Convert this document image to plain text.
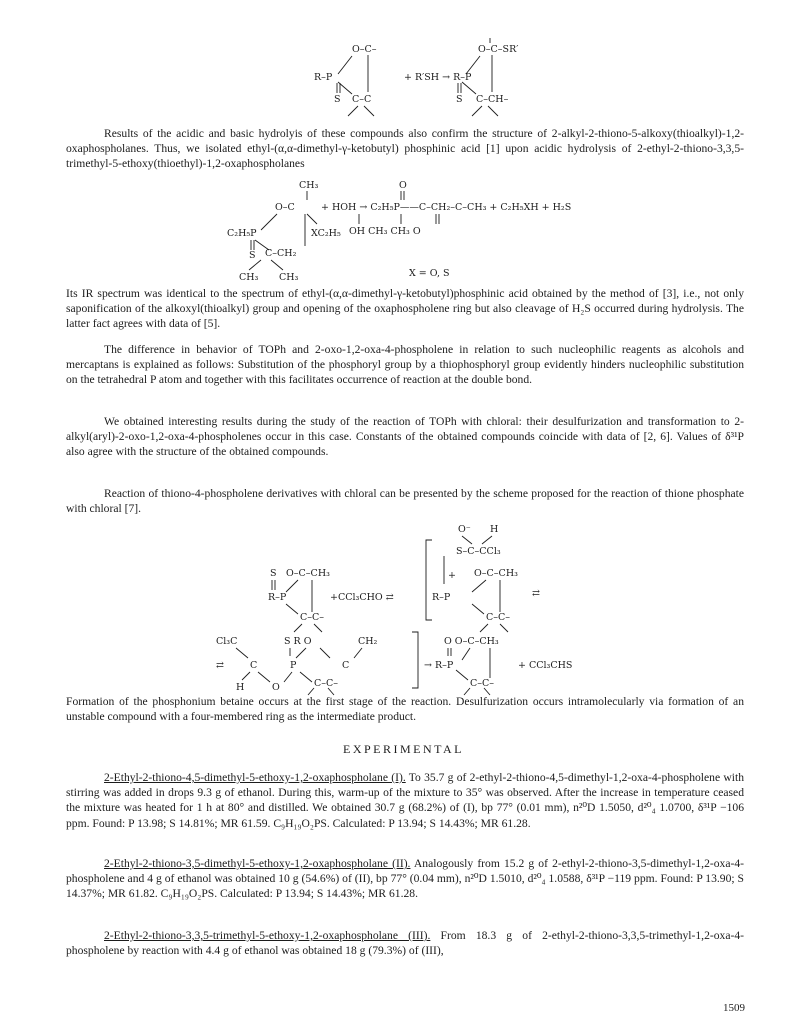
O–C–
R–P
S C–C
+ R′SH → R–P
O–C–SR′
S C–CH–

Results of the acidic and basic hydrolyis of these compounds also confirm the structure of 2-alkyl-2-thiono-5-alkoxy(thioalkyl)-1,2-oxaphospholanes. Thus, we isolated ethyl-(α,α-dimethyl-γ-ketobutyl) phosphinic acid [1] upon acidic hydrolysis of 2-ethyl-2-thiono-3,3,5-trimethyl-5-ethoxy(thioethyl)-1,2-oxaphospholanes

CH₃
O–C
O
+ HOH → C₂H₅P——C–CH₂–C–CH₃ + C₂H₅XH + H₂S
C₂H₅P	XC₂H₅
S C–CH₂
CH₃ CH₃
OH CH₃ CH₃ O
X = O, S

Its IR spectrum was identical to the spectrum of ethyl-(α,α-dimethyl-γ-ketobutyl)phosphinic acid obtained by the method of [3], i.e., not only saponification of the alkoxyl(thioalkyl) group and opening of the oxaphospholene ring but also cleavage of H₂S occurred during hydrolysis. The latter fact agrees with data of [5].

The difference in behavior of TOPh and 2-oxo-1,2-oxa-4-phospholene in relation to such nucleophilic reagents as alcohols and mercaptans is explained as follows: Substitution of the phosphoryl group by a thiophosphoryl group evidently hinders nucleophilic substitution on the tetrahedral P atom and together with this facilitates occurrence of reaction at the double bond.

We obtained interesting results during the study of the reaction of TOPh with chloral: their desulfurization and transformation to 2-alkyl(aryl)-2-oxo-1,2-oxa-4-phospholenes occur in this case. Constants of the obtained compounds coincide with data of [2, 6]. Values of δ³¹P also agree with the structure of the obtained compounds.

Reaction of thiono-4-phospholene derivatives with chloral can be presented by the scheme proposed for the reaction of thione phosphate with chloral [7].

O⁻ H
S–C–CCl₃
S O–C–CH₃
R–P	+CCl₃CHO ⇄
+ O–C–CH₃
R–P	⇄
C–C–	C–C–
Cl₃C	S R O	CH₂	O O–C–CH₃
⇄	C	P	C	→ R–P	+ CCl₃CHS
H	O	C–C–	C–C–

Formation of the phosphonium betaine occurs at the first stage of the reaction. Desulfurization occurs intramolecularly via formation of an unstable compound with a four-membered ring as the intermediate product.

EXPERIMENTAL

2-Ethyl-2-thiono-4,5-dimethyl-5-ethoxy-1,2-oxaphospholane (I). To 35.7 g of 2-ethyl-2-thiono-4,5-dimethyl-1,2-oxa-4-phospholene with stirring was added in drops 9.3 g of ethanol. During this, warm-up of the mixture to 35° was observed. After the increase in temperature ceased the mixture was heated for 1 h at 80° and distilled. We obtained 30.7 g (68.2%) of (I), bp 77° (0.01 mm), n²⁰D 1.5050, d²⁰₄ 1.0700, δ³¹P −106 ppm. Found: P 13.98; S 14.81%; MR 61.59. C₉H₁₉O₂PS. Calculated: P 13.94; S 14.43%; MR 61.28.

2-Ethyl-2-thiono-3,5-dimethyl-5-ethoxy-1,2-oxaphospholane (II). Analogously from 15.2 g of 2-ethyl-2-thiono-3,5-dimethyl-1,2-oxa-4-phospholene and 4 g of ethanol was obtained 10 g (54.6%) of (II), bp 77° (0.04 mm), n²⁰D 1.5010, d²⁰₄ 1.0588, δ³¹P −119 ppm. Found: P 13.90; S 14.37%; MR 61.82. C₉H₁₉O₂PS. Calculated: P 13.94; S 14.43%; MR 61.28.

2-Ethyl-2-thiono-3,3,5-trimethyl-5-ethoxy-1,2-oxaphospholane (III). From 18.3 g of 2-ethyl-2-thiono-3,3,5-trimethyl-1,2-oxa-4-phospholene by reaction with 4.4 g of ethanol was obtained 18 g (79.3%) of (III),

1509
